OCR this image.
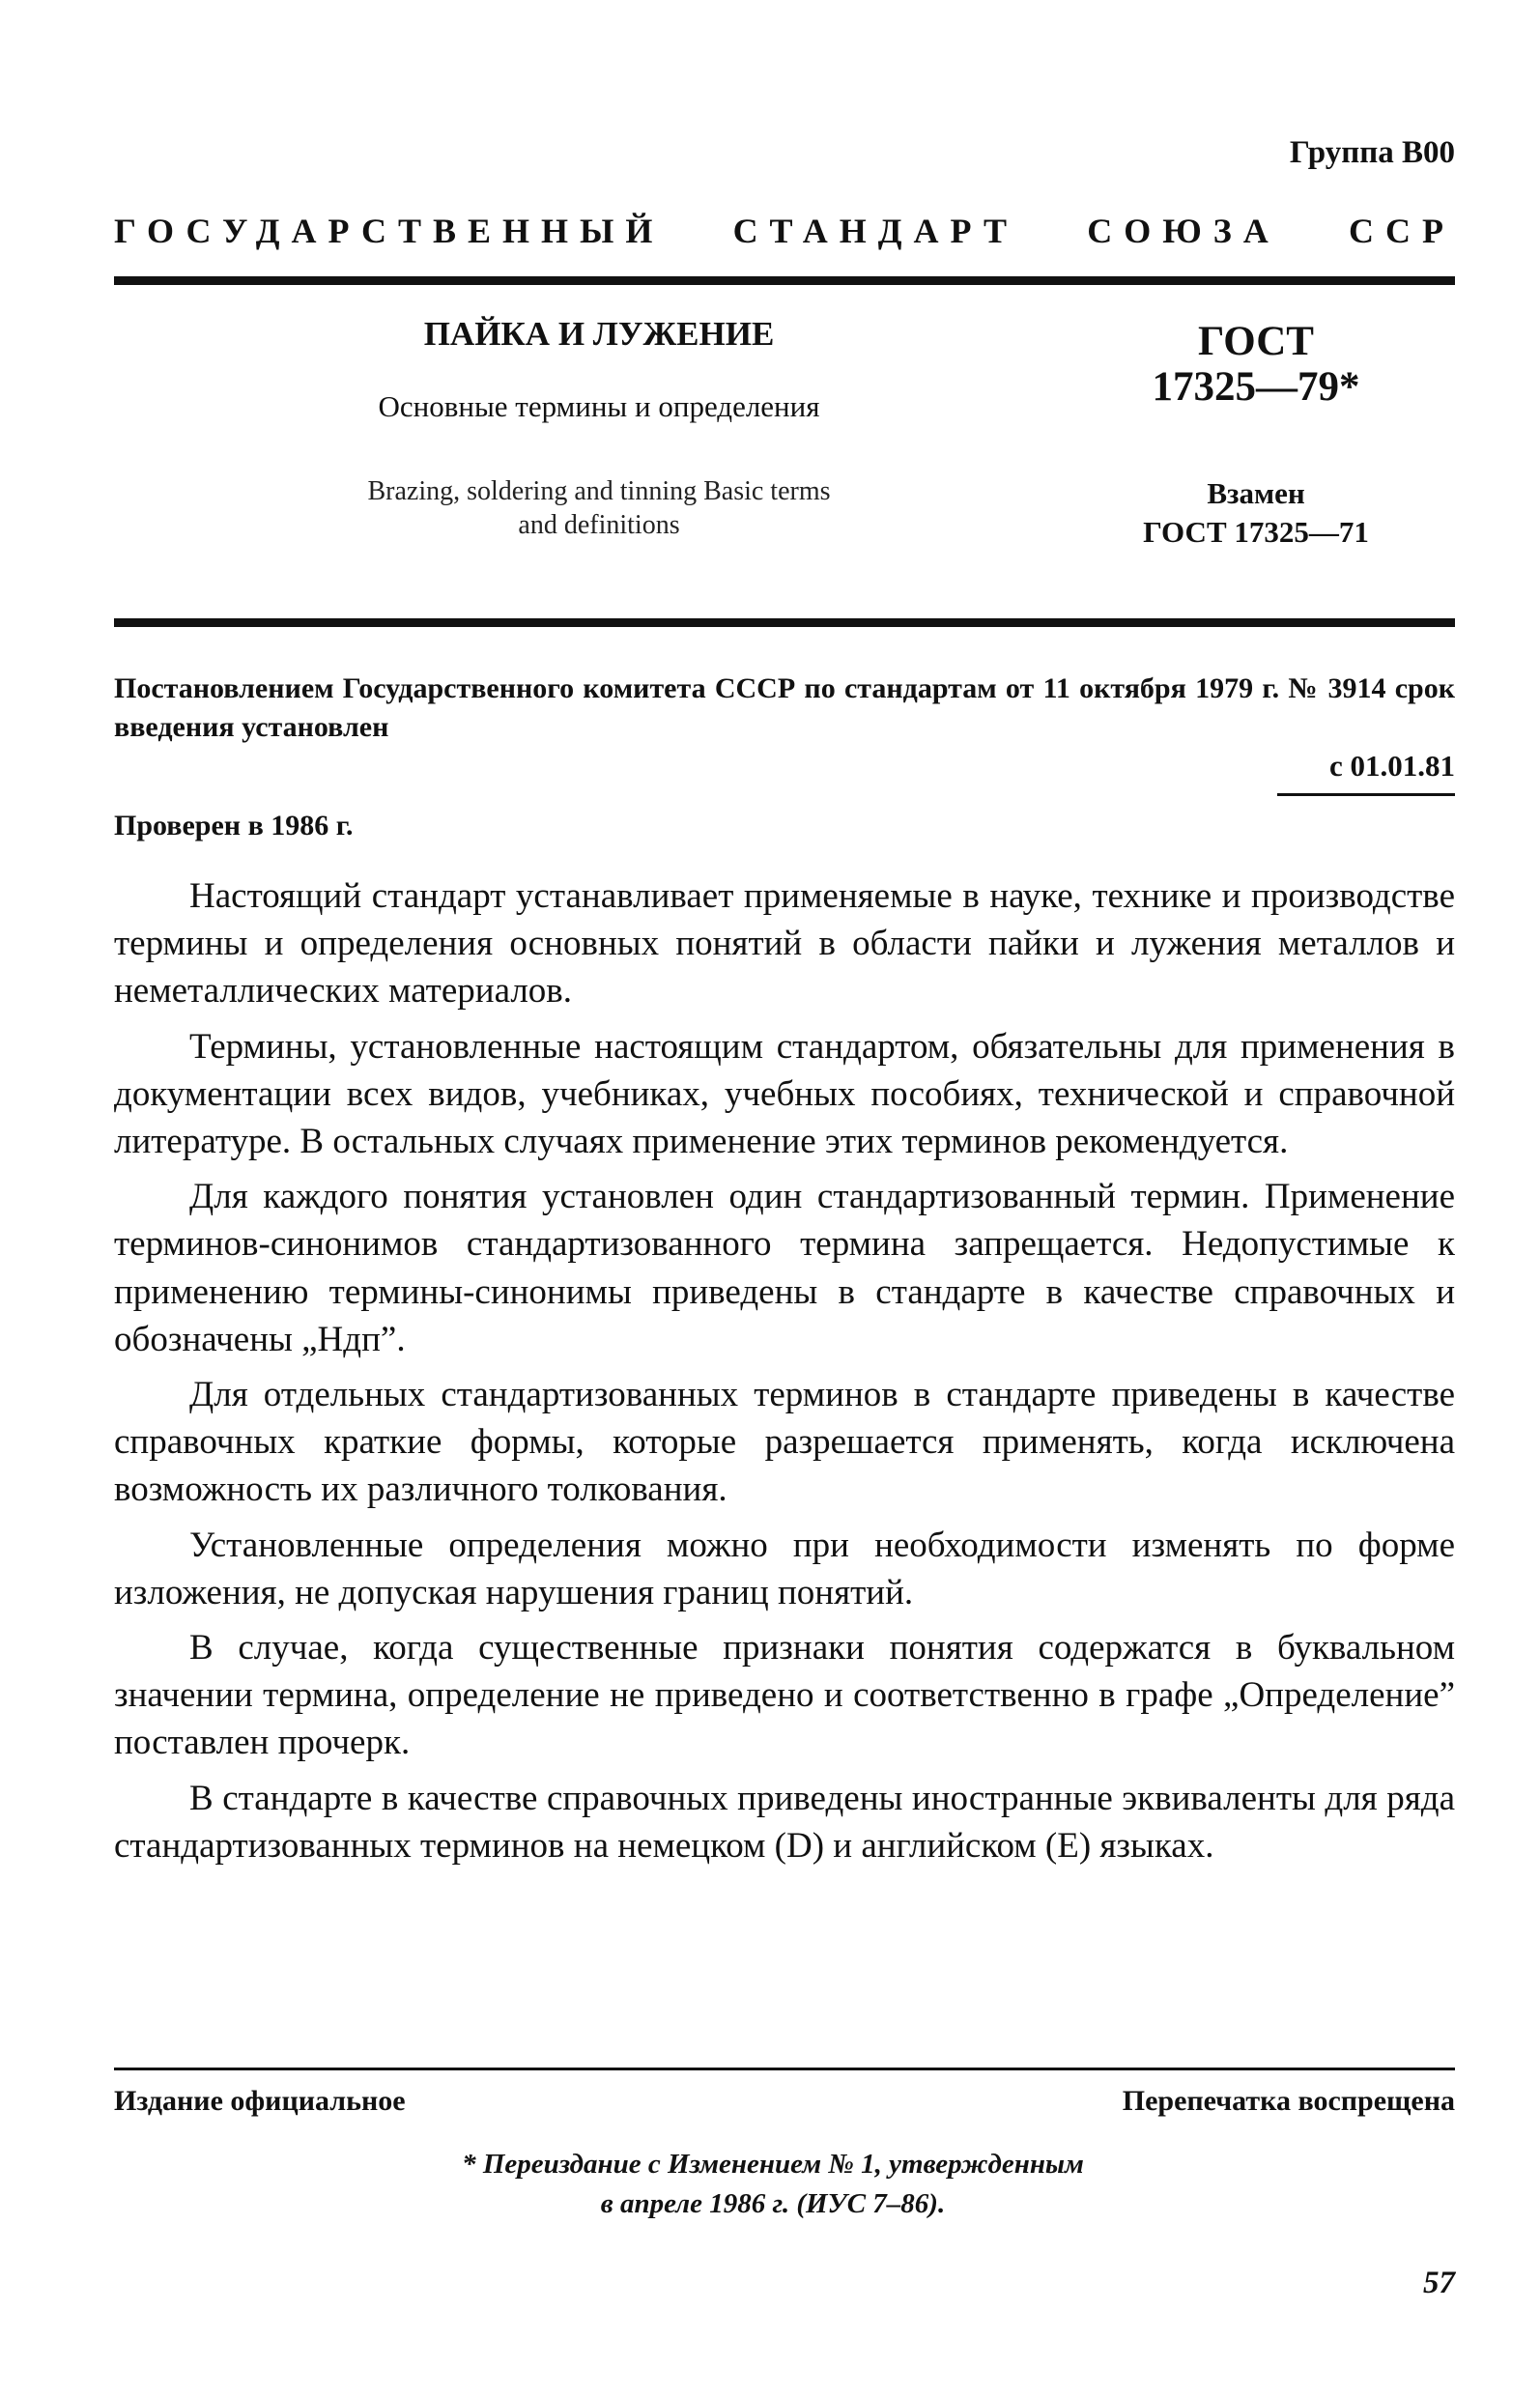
Группа В00
ГОСУДАРСТВЕННЫЙ СТАНДАРТ СОЮЗА ССР

ПАЙКА И ЛУЖЕНИЕ

Основные термины и определения

Brazing, soldering and tinning Basic terms
and definitions

ГОСТ
17325—79*
Взамен
ГОСТ 17325—71
Постановлением Государственного комитета СССР по стандартам от 11 октября 1979 г. № 3914 срок введения установлен
с 01.01.81
Проверен в 1986 г.

Настоящий стандарт устанавливает применяемые в науке, технике и производстве термины и определения основных понятий в области пайки и лужения металлов и неметаллических материалов.

Термины, установленные настоящим стандартом, обязательны для применения в документации всех видов, учебниках, учебных пособиях, технической и справочной литературе. В остальных случаях применение этих терминов рекомендуется.

Для каждого понятия установлен один стандартизованный термин. Применение терминов-синонимов стандартизованного термина запрещается. Недопустимые к применению термины-синонимы приведены в стандарте в качестве справочных и обозначены „Ндп”.

Для отдельных стандартизованных терминов в стандарте приведены в качестве справочных краткие формы, которые разрешается применять, когда исключена возможность их различного толкования.

Установленные определения можно при необходимости изменять по форме изложения, не допуская нарушения границ понятий.

В случае, когда существенные признаки понятия содержатся в буквальном значении термина, определение не приведено и соответственно в графе „Определение” поставлен прочерк.

В стандарте в качестве справочных приведены иностранные эквиваленты для ряда стандартизованных терминов на немецком (D) и английском (Е) языках.

Издание официальное	Перепечатка воспрещена
* Переиздание с Изменением № 1, утвержденным
в апреле 1986 г. (ИУС 7–86).
57
